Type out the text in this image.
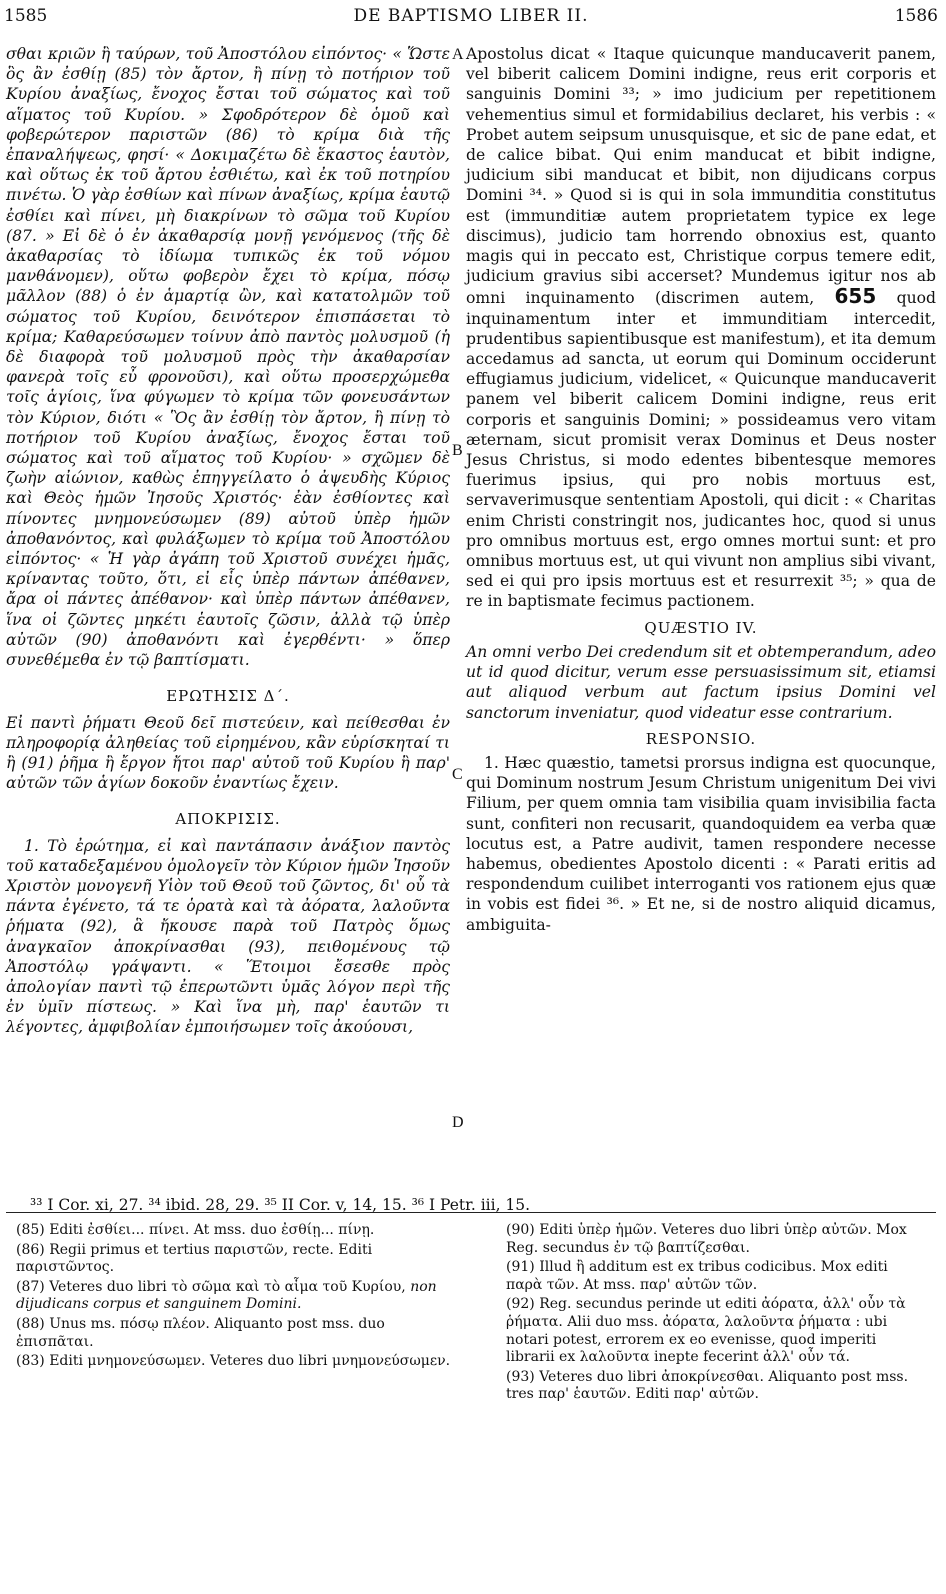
1585	DE BAPTISMO LIBER II.	1586
A
B
C
D

σθαι κριῶν ἢ ταύρων, τοῦ Ἀποστόλου εἰπόντος· « Ὥστε ὃς ἂν ἐσθίῃ (85) τὸν ἄρτον, ἢ πίνῃ τὸ ποτήριον τοῦ Κυρίου ἀναξίως, ἔνοχος ἔσται τοῦ σώματος καὶ τοῦ αἵματος τοῦ Κυρίου. » Σφοδρότερον δὲ ὁμοῦ καὶ φοβερώτερον παριστῶν (86) τὸ κρίμα διὰ τῆς ἐπαναλήψεως, φησί· « Δοκιμαζέτω δὲ ἕκαστος ἑαυτὸν, καὶ οὕτως ἐκ τοῦ ἄρτου ἐσθιέτω, καὶ ἐκ τοῦ ποτηρίου πινέτω. Ὁ γὰρ ἐσθίων καὶ πίνων ἀναξίως, κρίμα ἑαυτῷ ἐσθίει καὶ πίνει, μὴ διακρίνων τὸ σῶμα τοῦ Κυρίου (87. » Εἰ δὲ ὁ ἐν ἀκαθαρσίᾳ μονῇ γενόμενος (τῆς δὲ ἀκαθαρσίας τὸ ἰδίωμα τυπικῶς ἐκ τοῦ νόμου μανθάνομεν), οὕτω φοβερὸν ἔχει τὸ κρίμα, πόσῳ μᾶλλον (88) ὁ ἐν ἁμαρτίᾳ ὢν, καὶ κατατολμῶν τοῦ σώματος τοῦ Κυρίου, δεινότερον ἐπισπάσεται τὸ κρίμα; Καθαρεύσωμεν τοίνυν ἀπὸ παντὸς μολυσμοῦ (ἡ δὲ διαφορὰ τοῦ μολυσμοῦ πρὸς τὴν ἀκαθαρσίαν φανερὰ τοῖς εὖ φρονοῦσι), καὶ οὕτω προσερχώμεθα τοῖς ἁγίοις, ἵνα φύγωμεν τὸ κρίμα τῶν φονευσάντων τὸν Κύριον, διότι « Ὃς ἂν ἐσθίῃ τὸν ἄρτον, ἢ πίνῃ τὸ ποτήριον τοῦ Κυρίου ἀναξίως, ἔνοχος ἔσται τοῦ σώματος καὶ τοῦ αἵματος τοῦ Κυρίου· » σχῶμεν δὲ ζωὴν αἰώνιον, καθὼς ἐπηγγείλατο ὁ ἀψευδὴς Κύριος καὶ Θεὸς ἡμῶν Ἰησοῦς Χριστός· ἐὰν ἐσθίοντες καὶ πίνοντες μνημονεύσωμεν (89) αὐτοῦ ὑπὲρ ἡμῶν ἀποθανόντος, καὶ φυλάξωμεν τὸ κρίμα τοῦ Ἀποστόλου εἰπόντος· « Ἡ γὰρ ἀγάπη τοῦ Χριστοῦ συνέχει ἡμᾶς, κρίναντας τοῦτο, ὅτι, εἰ εἷς ὑπὲρ πάντων ἀπέθανεν, ἄρα οἱ πάντες ἀπέθανον· καὶ ὑπὲρ πάντων ἀπέθανεν, ἵνα οἱ ζῶντες μηκέτι ἑαυτοῖς ζῶσιν, ἀλλὰ τῷ ὑπὲρ αὐτῶν (90) ἀποθανόντι καὶ ἐγερθέντι· » ὅπερ συνεθέμεθα ἐν τῷ βαπτίσματι.

ΕΡΩΤΗΣΙΣ Δ΄.

Εἰ παντὶ ῥήματι Θεοῦ δεῖ πιστεύειν, καὶ πείθεσθαι ἐν πληροφορίᾳ ἀληθείας τοῦ εἰρημένου, κἂν εὑρίσκηταί τι ἢ (91) ῥῆμα ἢ ἔργον ἤτοι παρ' αὐτοῦ τοῦ Κυρίου ἢ παρ' αὐτῶν τῶν ἁγίων δοκοῦν ἐναντίως ἔχειν.

ΑΠΟΚΡΙΣΙΣ.

1. Τὸ ἐρώτημα, εἰ καὶ παντάπασιν ἀνάξιον παντὸς τοῦ καταδεξαμένου ὁμολογεῖν τὸν Κύριον ἡμῶν Ἰησοῦν Χριστὸν μονογενῆ Υἱὸν τοῦ Θεοῦ τοῦ ζῶντος, δι' οὗ τὰ πάντα ἐγένετο, τά τε ὁρατὰ καὶ τὰ ἀόρατα, λαλοῦντα ῥήματα (92), ἃ ἤκουσε παρὰ τοῦ Πατρὸς ὅμως ἀναγκαῖον ἀποκρίνασθαι (93), πειθομένους τῷ Ἀποστόλῳ γράψαντι. « Ἕτοιμοι ἔσεσθε πρὸς ἀπολογίαν παντὶ τῷ ἐπερωτῶντι ὑμᾶς λόγον περὶ τῆς ἐν ὑμῖν πίστεως. » Καὶ ἵνα μὴ, παρ' ἑαυτῶν τι λέγοντες, ἀμφιβολίαν ἐμποιήσωμεν τοῖς ἀκούουσι,

Apostolus dicat « Itaque quicunque manducaverit panem, vel biberit calicem Domini indigne, reus erit corporis et sanguinis Domini ³³; » imo judicium per repetitionem vehementius simul et formidabilius declaret, his verbis : « Probet autem seipsum unusquisque, et sic de pane edat, et de calice bibat. Qui enim manducat et bibit indigne, judicium sibi manducat et bibit, non dijudicans corpus Domini ³⁴. » Quod si is qui in sola immunditia constitutus est (immunditiæ autem proprietatem typice ex lege discimus), judicio tam horrendo obnoxius est, quanto magis qui in peccato est, Christique corpus temere edit, judicium gravius sibi accerset? Mundemus igitur nos ab omni inquinamento (discrimen autem, 655 quod inquinamentum inter et immunditiam intercedit, prudentibus sapientibusque est manifestum), et ita demum accedamus ad sancta, ut eorum qui Dominum occiderunt effugiamus judicium, videlicet, « Quicunque manducaverit panem vel biberit calicem Domini indigne, reus erit corporis et sanguinis Domini; » possideamus vero vitam æternam, sicut promisit verax Dominus et Deus noster Jesus Christus, si modo edentes bibentesque memores fuerimus ipsius, qui pro nobis mortuus est, servaverimusque sententiam Apostoli, qui dicit : « Charitas enim Christi constringit nos, judicantes hoc, quod si unus pro omnibus mortuus est, ergo omnes mortui sunt: et pro omnibus mortuus est, ut qui vivunt non amplius sibi vivant, sed ei qui pro ipsis mortuus est et resurrexit ³⁵; » qua de re in baptismate fecimus pactionem.

QUÆSTIO IV.

An omni verbo Dei credendum sit et obtemperandum, adeo ut id quod dicitur, verum esse persuasissimum sit, etiamsi aut aliquod verbum aut factum ipsius Domini vel sanctorum inveniatur, quod videatur esse contrarium.

RESPONSIO.

1. Hæc quæstio, tametsi prorsus indigna est quocunque, qui Dominum nostrum Jesum Christum unigenitum Dei vivi Filium, per quem omnia tam visibilia quam invisibilia facta sunt, confiteri non recusarit, quandoquidem ea verba quæ locutus est, a Patre audivit, tamen respondere necesse habemus, obedientes Apostolo dicenti : « Parati eritis ad respondendum cuilibet interroganti vos rationem ejus quæ in vobis est fidei ³⁶. » Et ne, si de nostro aliquid dicamus, ambiguita-

³³ I Cor. xi, 27. ³⁴ ibid. 28, 29. ³⁵ II Cor. v, 14, 15. ³⁶ I Petr. iii, 15.

(85) Editi ἐσθίει... πίνει. At mss. duo ἐσθίῃ... πίνῃ.

(86) Regii primus et tertius παριστῶν, recte. Editi παριστῶντος.

(87) Veteres duo libri τὸ σῶμα καὶ τὸ αἷμα τοῦ Κυρίου, non dijudicans corpus et sanguinem Domini.

(88) Unus ms. πόσῳ πλέον. Aliquanto post mss. duo ἐπισπᾶται.

(83) Editi μνημονεύσωμεν. Veteres duo libri μνημονεύσωμεν.

(90) Editi ὑπὲρ ἡμῶν. Veteres duo libri ὑπὲρ αὐτῶν. Mox Reg. secundus ἐν τῷ βαπτίζεσθαι.

(91) Illud ἢ additum est ex tribus codicibus. Mox editi παρὰ τῶν. At mss. παρ' αὐτῶν τῶν.

(92) Reg. secundus perinde ut editi ἀόρατα, ἀλλ' οὖν τὰ ῥήματα. Alii duo mss. ἀόρατα, λαλοῦντα ῥήματα : ubi notari potest, errorem ex eo evenisse, quod imperiti librarii ex λαλοῦντα inepte fecerint ἀλλ' οὖν τά.

(93) Veteres duo libri ἀποκρίνεσθαι. Aliquanto post mss. tres παρ' ἑαυτῶν. Editi παρ' αὐτῶν.
